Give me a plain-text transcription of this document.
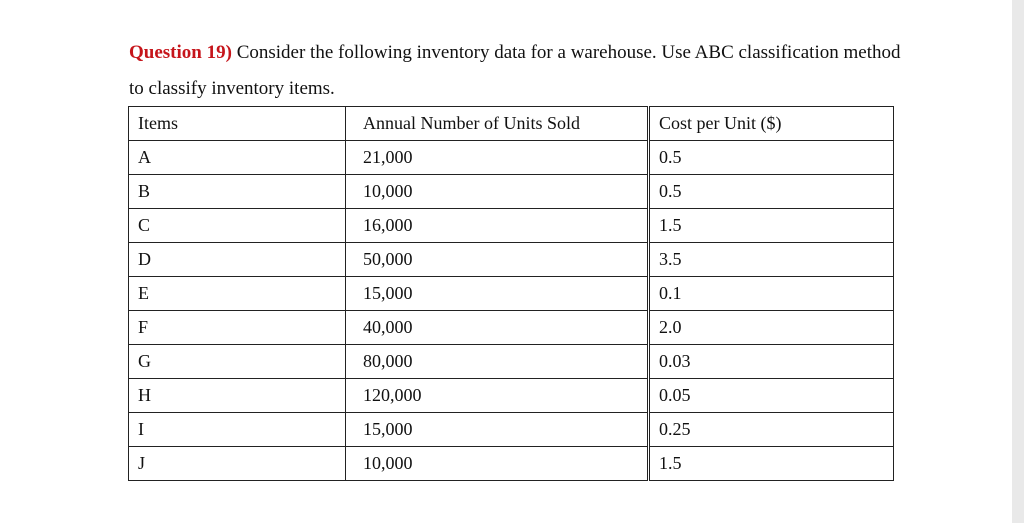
Question 19) Consider the following inventory data for a warehouse. Use ABC classification method to classify inventory items.
Items	Annual Number of Units Sold	Cost per Unit ($)
A	21,000	0.5
B	10,000	0.5
C	16,000	1.5
D	50,000	3.5
E	15,000	0.1
F	40,000	2.0
G	80,000	0.03
H	120,000	0.05
I	15,000	0.25
J	10,000	1.5
